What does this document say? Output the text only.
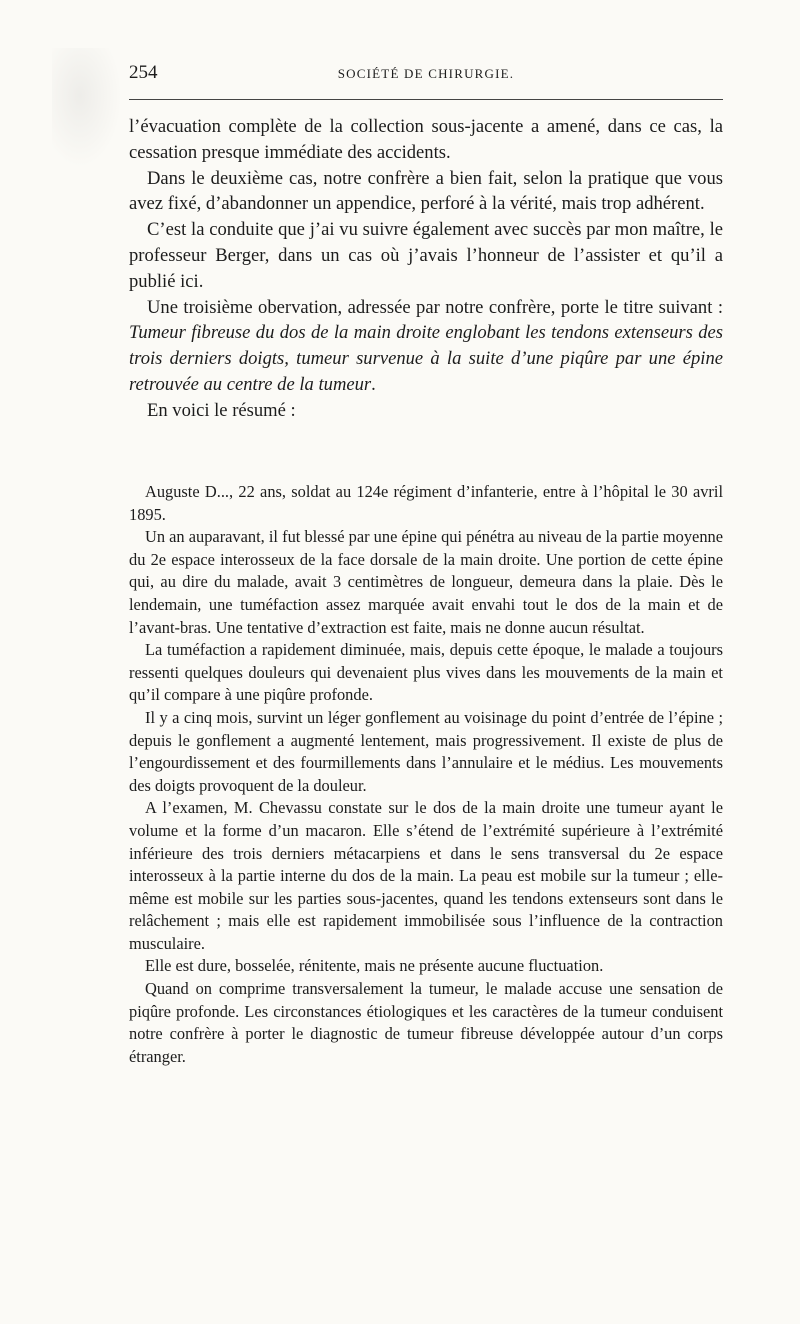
254	SOCIÉTÉ DE CHIRURGIE.

l’évacuation complète de la collection sous-jacente a amené, dans ce cas, la cessation presque immédiate des accidents.

Dans le deuxième cas, notre confrère a bien fait, selon la pratique que vous avez fixé, d’abandonner un appendice, perforé à la vérité, mais trop adhérent.

C’est la conduite que j’ai vu suivre également avec succès par mon maître, le professeur Berger, dans un cas où j’avais l’honneur de l’assister et qu’il a publié ici.

Une troisième obervation, adressée par notre confrère, porte le titre suivant : Tumeur fibreuse du dos de la main droite englobant les tendons extenseurs des trois derniers doigts, tumeur survenue à la suite d’une piqûre par une épine retrouvée au centre de la tumeur.

En voici le résumé :

Auguste D..., 22 ans, soldat au 124e régiment d’infanterie, entre à l’hôpital le 30 avril 1895.

Un an auparavant, il fut blessé par une épine qui pénétra au niveau de la partie moyenne du 2e espace interosseux de la face dorsale de la main droite. Une portion de cette épine qui, au dire du malade, avait 3 centimètres de longueur, demeura dans la plaie. Dès le lendemain, une tuméfaction assez marquée avait envahi tout le dos de la main et de l’avant-bras. Une tentative d’extraction est faite, mais ne donne aucun résultat.

La tuméfaction a rapidement diminuée, mais, depuis cette époque, le malade a toujours ressenti quelques douleurs qui devenaient plus vives dans les mouvements de la main et qu’il compare à une piqûre profonde.

Il y a cinq mois, survint un léger gonflement au voisinage du point d’entrée de l’épine ; depuis le gonflement a augmenté lentement, mais progressivement. Il existe de plus de l’engourdissement et des fourmillements dans l’annulaire et le médius. Les mouvements des doigts provoquent de la douleur.

A l’examen, M. Chevassu constate sur le dos de la main droite une tumeur ayant le volume et la forme d’un macaron. Elle s’étend de l’extrémité supérieure à l’extrémité inférieure des trois derniers métacarpiens et dans le sens transversal du 2e espace interosseux à la partie interne du dos de la main. La peau est mobile sur la tumeur ; elle-même est mobile sur les parties sous-jacentes, quand les tendons extenseurs sont dans le relâchement ; mais elle est rapidement immobilisée sous l’influence de la contraction musculaire.

Elle est dure, bosselée, rénitente, mais ne présente aucune fluctuation.

Quand on comprime transversalement la tumeur, le malade accuse une sensation de piqûre profonde. Les circonstances étiologiques et les caractères de la tumeur conduisent notre confrère à porter le diagnostic de tumeur fibreuse développée autour d’un corps étranger.
